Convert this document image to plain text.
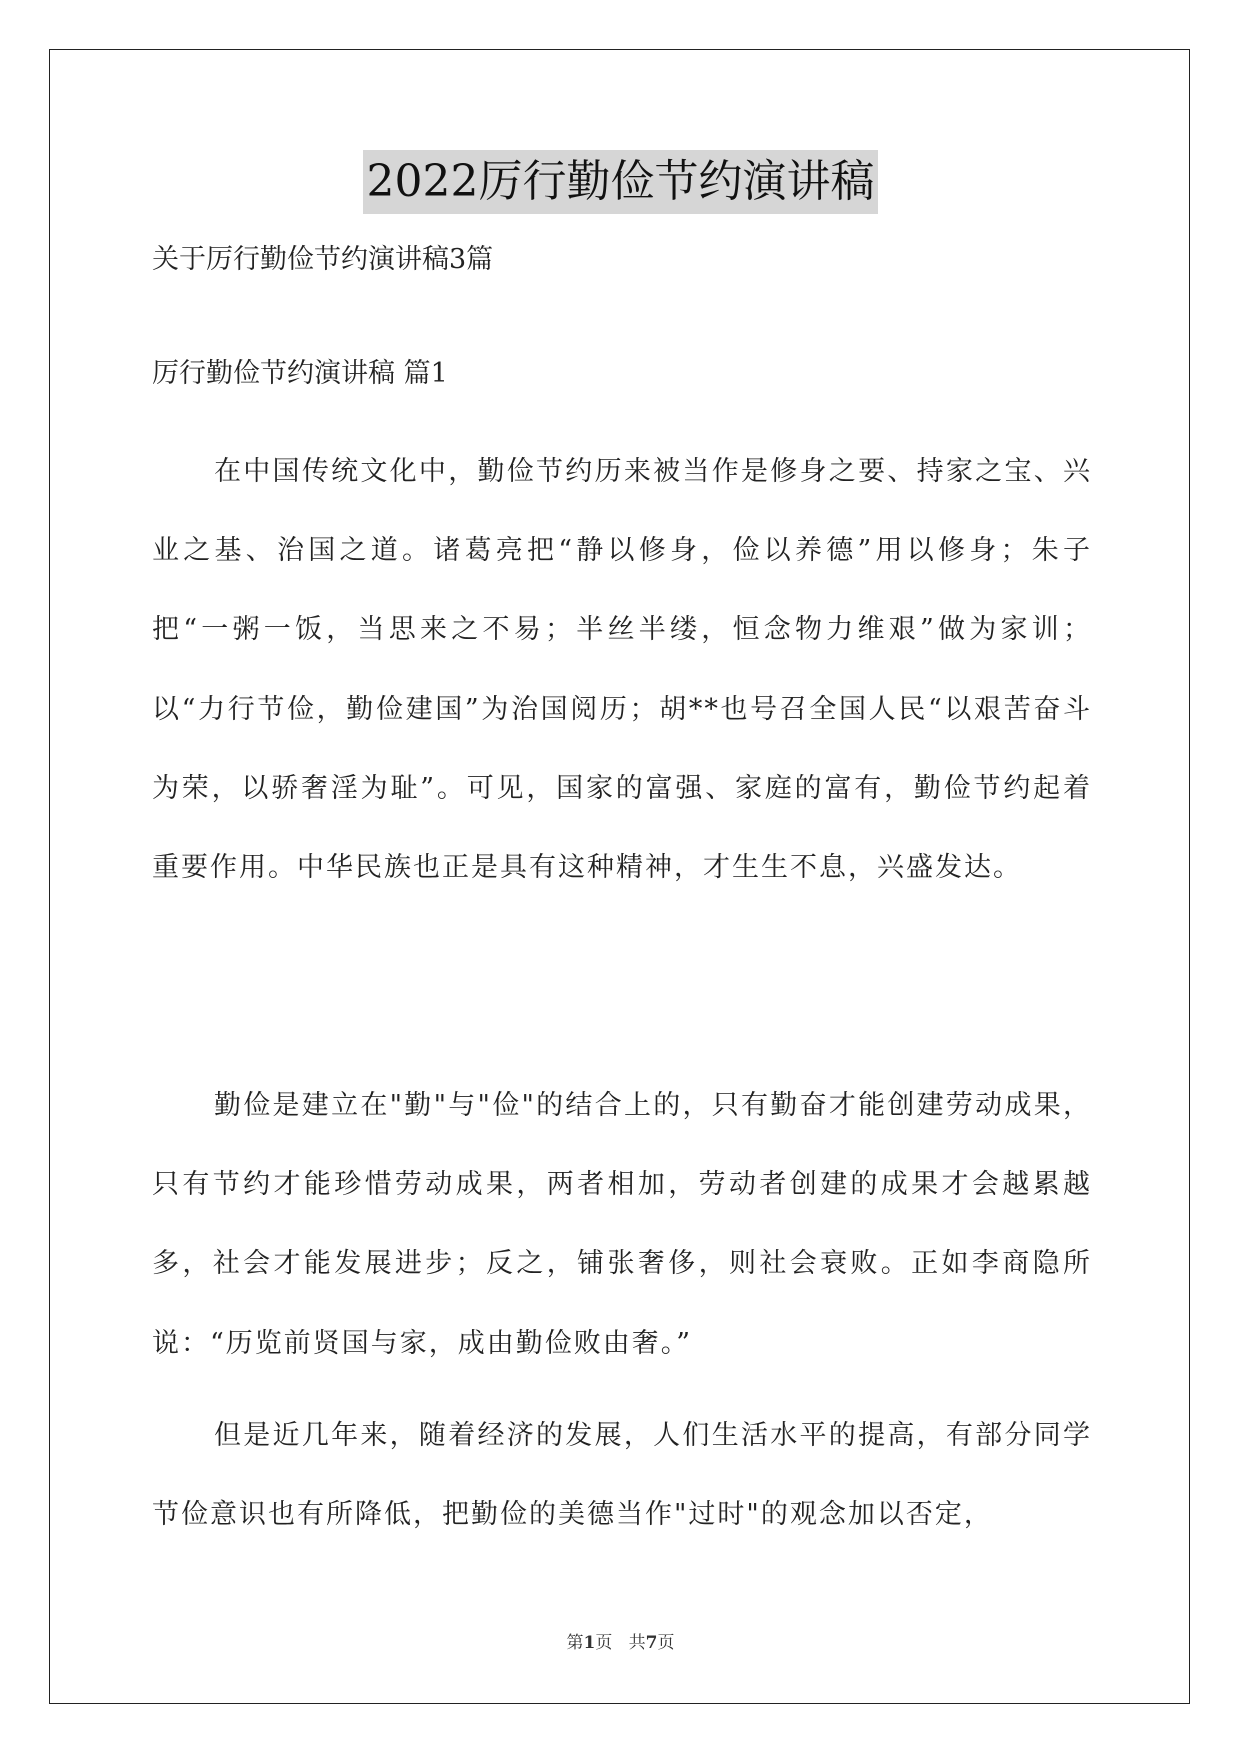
2022厉行勤俭节约演讲稿
关于厉行勤俭节约演讲稿3篇
厉行勤俭节约演讲稿 篇1
在中国传统文化中，勤俭节约历来被当作是修身之要、持家之宝、兴业之基、治国之道。诸葛亮把“静以修身，俭以养德”用以修身；朱子把“一粥一饭，当思来之不易；半丝半缕，恒念物力维艰”做为家训；以“力行节俭，勤俭建国”为治国阅历；胡**也号召全国人民“以艰苦奋斗为荣，以骄奢淫为耻”。可见，国家的富强、家庭的富有，勤俭节约起着重要作用。中华民族也正是具有这种精神，才生生不息，兴盛发达。
勤俭是建立在"勤"与"俭"的结合上的，只有勤奋才能创建劳动成果，只有节约才能珍惜劳动成果，两者相加，劳动者创建的成果才会越累越多，社会才能发展进步；反之，铺张奢侈，则社会衰败。正如李商隐所说：“历览前贤国与家，成由勤俭败由奢。”
但是近几年来，随着经济的发展，人们生活水平的提高，有部分同学节俭意识也有所降低，把勤俭的美德当作"过时"的观念加以否定，
第1页   共7页
